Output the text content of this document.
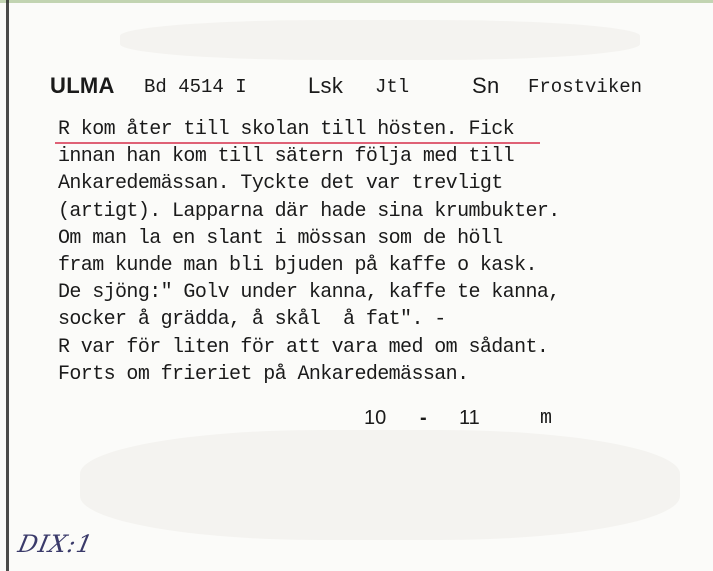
ULMA Bd 4514 I	Lsk Jtl	Sn Frostviken
R kom åter till skolan till hösten. Fick
innan han kom till sätern följa med till
Ankaredemässan. Tyckte det var trevligt
(artigt). Lapparna där hade sina krumbukter.
Om man la en slant i mössan som de höll
fram kunde man bli bjuden på kaffe o kask.
De sjöng:" Golv under kanna, kaffe te kanna,
socker å grädda, å skål  å fat". -
R var för liten för att vara med om sådant.
Forts om frieriet på Ankaredemässan.
10 - 11	m
DIX:1
